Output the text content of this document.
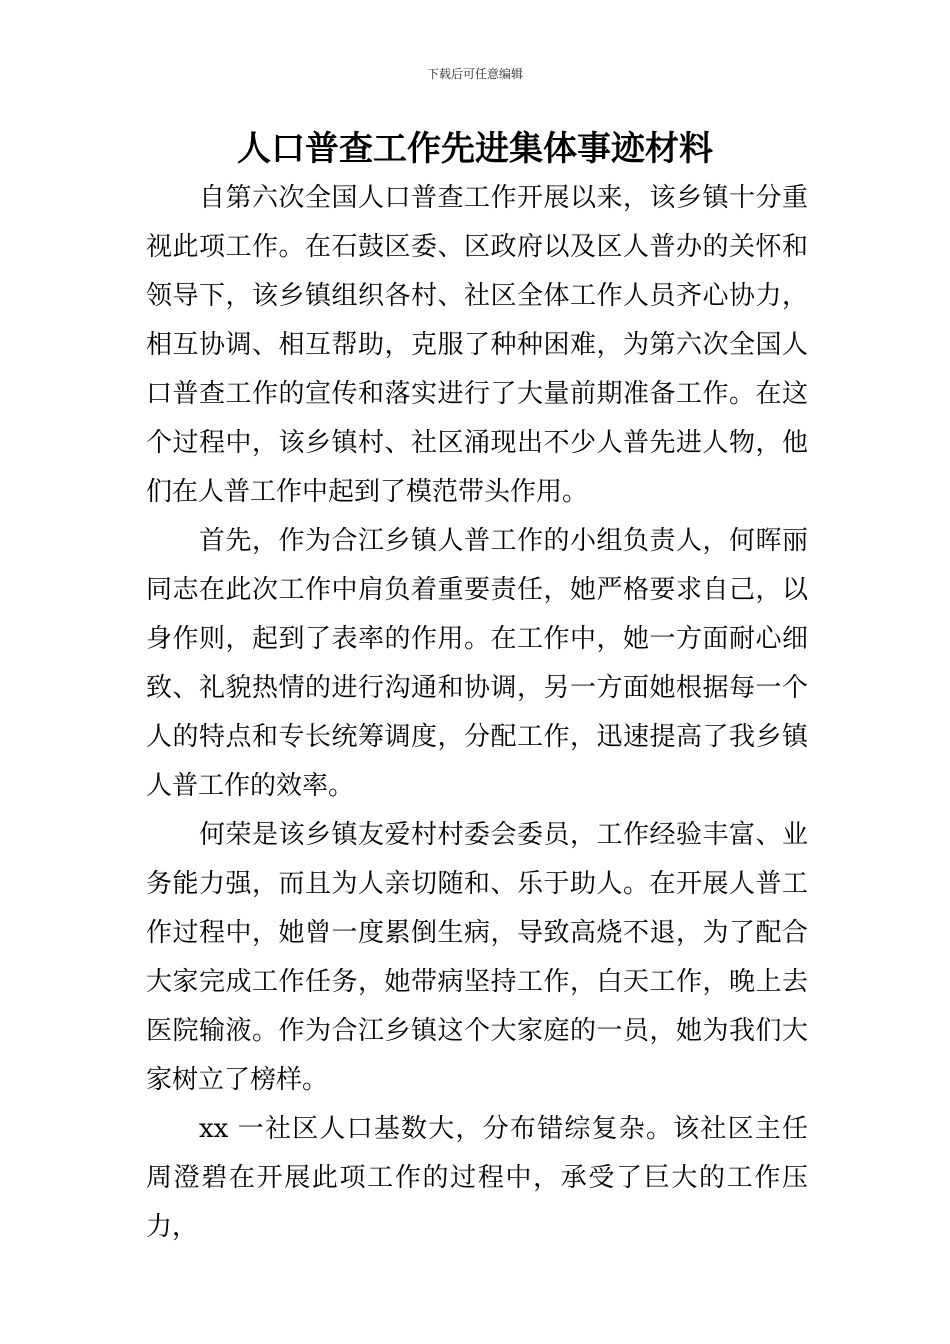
下载后可任意编辑
人口普查工作先进集体事迹材料

自第六次全国人口普查工作开展以来，该乡镇十分重视此项工作。在石鼓区委、区政府以及区人普办的关怀和领导下，该乡镇组织各村、社区全体工作人员齐心协力，相互协调、相互帮助，克服了种种困难，为第六次全国人口普查工作的宣传和落实进行了大量前期准备工作。在这个过程中，该乡镇村、社区涌现出不少人普先进人物，他们在人普工作中起到了模范带头作用。

首先，作为合江乡镇人普工作的小组负责人，何晖丽同志在此次工作中肩负着重要责任，她严格要求自己，以身作则，起到了表率的作用。在工作中，她一方面耐心细致、礼貌热情的进行沟通和协调，另一方面她根据每一个人的特点和专长统筹调度，分配工作，迅速提高了我乡镇人普工作的效率。

何荣是该乡镇友爱村村委会委员，工作经验丰富、业务能力强，而且为人亲切随和、乐于助人。在开展人普工作过程中，她曾一度累倒生病，导致高烧不退，为了配合大家完成工作任务，她带病坚持工作，白天工作，晚上去医院输液。作为合江乡镇这个大家庭的一员，她为我们大家树立了榜样。

xx 一社区人口基数大，分布错综复杂。该社区主任周澄碧在开展此项工作的过程中，承受了巨大的工作压力，
